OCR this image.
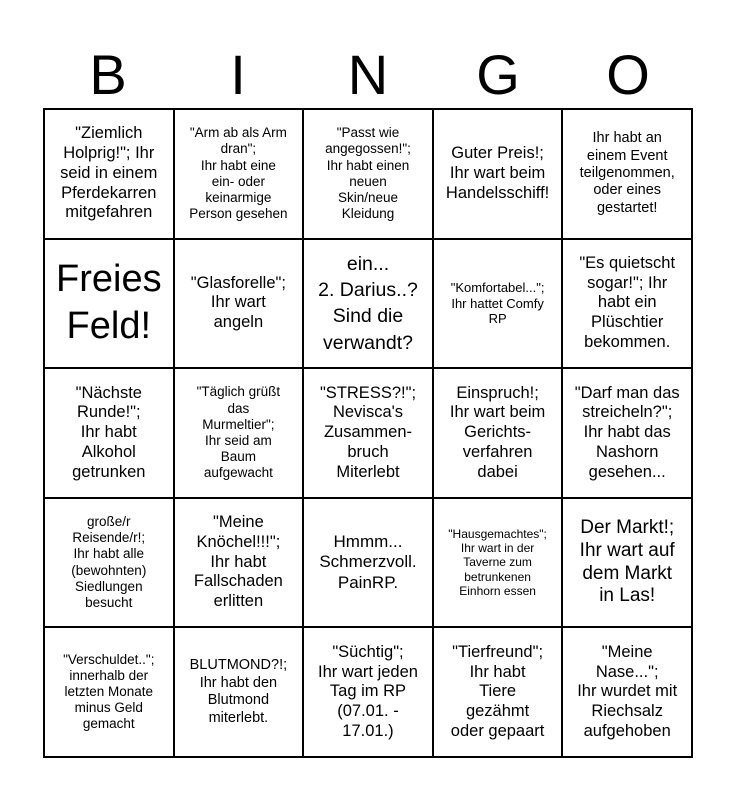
B	I	N	G	O
"Ziemlich
Holprig!"; Ihr
seid in einem
Pferdekarren
mitgefahren
"Arm ab als Arm
dran";
Ihr habt eine
ein- oder
keinarmige
Person gesehen
"Passt wie
angegossen!";
Ihr habt einen
neuen
Skin/neue
Kleidung
Guter Preis!;
Ihr wart beim
Handelsschiff!
Ihr habt an
einem Event
teilgenommen,
oder eines
gestartet!
Freies
Feld!
"Glasforelle";
Ihr wart
angeln
ein...
2. Darius..?
Sind die
verwandt?
"Komfortabel...";
Ihr hattet Comfy
RP
"Es quietscht
sogar!"; Ihr
habt ein
Plüschtier
bekommen.
"Nächste
Runde!";
Ihr habt
Alkohol
getrunken
"Täglich grüßt
das
Murmeltier";
Ihr seid am
Baum
aufgewacht
"STRESS?!";
Nevisca's
Zusammen-
bruch
Miterlebt
Einspruch!;
Ihr wart beim
Gerichts-
verfahren
dabei
"Darf man das
streicheln?";
Ihr habt das
Nashorn
gesehen...
große/r
Reisende/r!;
Ihr habt alle
(bewohnten)
Siedlungen
besucht
"Meine
Knöchel!!!";
Ihr habt
Fallschaden
erlitten
Hmmm...
Schmerzvoll.
PainRP.
"Hausgemachtes";
Ihr wart in der
Taverne zum
betrunkenen
Einhorn essen
Der Markt!;
Ihr wart auf
dem Markt
in Las!
"Verschuldet..";
innerhalb der
letzten Monate
minus Geld
gemacht
BLUTMOND?!;
Ihr habt den
Blutmond
miterlebt.
"Süchtig";
Ihr wart jeden
Tag im RP
(07.01. -
17.01.)
"Tierfreund";
Ihr habt
Tiere
gezähmt
oder gepaart
"Meine
Nase...";
Ihr wurdet mit
Riechsalz
aufgehoben
